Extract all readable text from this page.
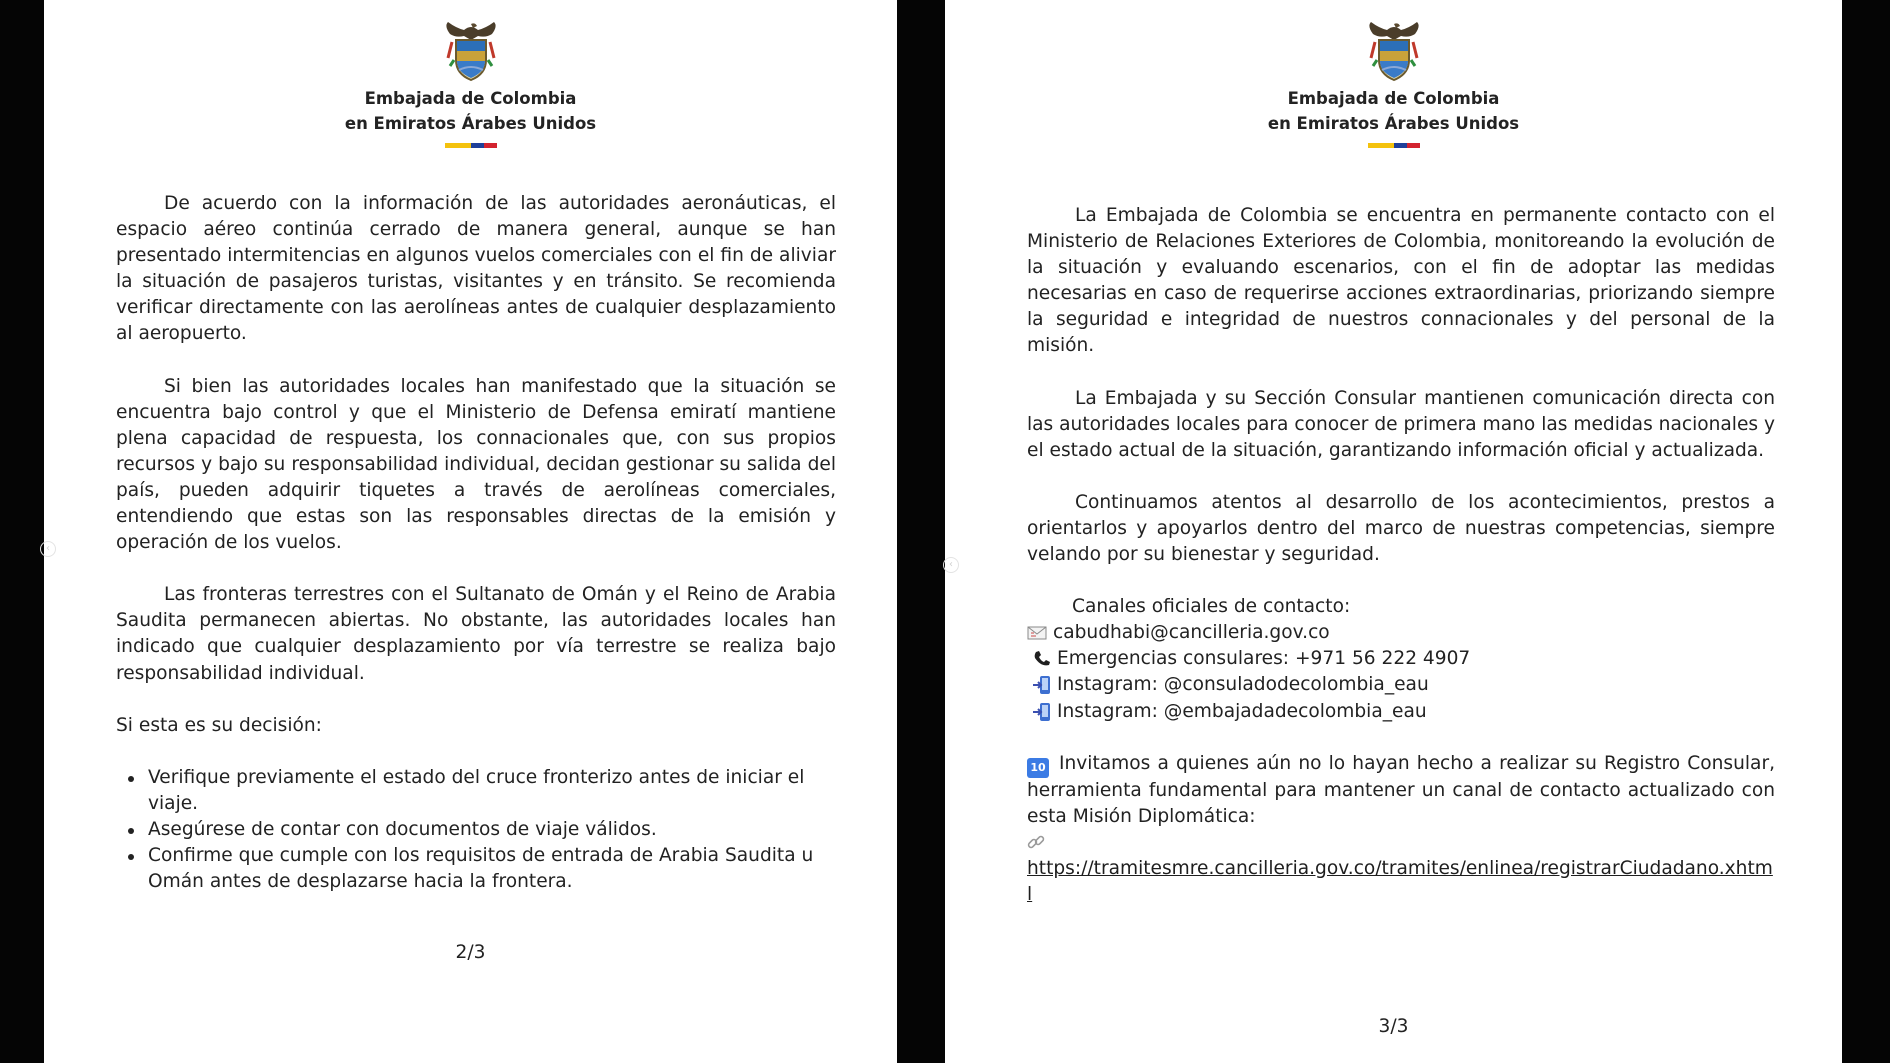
Embajada de Colombia
en Emiratos Árabes Unidos

De acuerdo con la información de las autoridades aeronáuticas, el espacio aéreo continúa cerrado de manera general, aunque se han presentado intermitencias en algunos vuelos comerciales con el fin de aliviar la situación de pasajeros turistas, visitantes y en tránsito. Se recomienda verificar directamente con las aerolíneas antes de cualquier desplazamiento al aeropuerto.

Si bien las autoridades locales han manifestado que la situación se encuentra bajo control y que el Ministerio de Defensa emiratí mantiene plena capacidad de respuesta, los connacionales que, con sus propios recursos y bajo su responsabilidad individual, decidan gestionar su salida del país, pueden adquirir tiquetes a través de aerolíneas comerciales, entendiendo que estas son las responsables directas de la emisión y operación de los vuelos.

Las fronteras terrestres con el Sultanato de Omán y el Reino de Arabia Saudita permanecen abiertas. No obstante, las autoridades locales han indicado que cualquier desplazamiento por vía terrestre se realiza bajo responsabilidad individual.

Si esta es su decisión:

Verifique previamente el estado del cruce fronterizo antes de iniciar el viaje.
Asegúrese de contar con documentos de viaje válidos.
Confirme que cumple con los requisitos de entrada de Arabia Saudita u Omán antes de desplazarse hacia la frontera.
2/3
‹
Embajada de Colombia
en Emiratos Árabes Unidos

La Embajada de Colombia se encuentra en permanente contacto con el Ministerio de Relaciones Exteriores de Colombia, monitoreando la evolución de la situación y evaluando escenarios, con el fin de adoptar las medidas necesarias en caso de requerirse acciones extraordinarias, priorizando siempre la seguridad e integridad de nuestros connacionales y del personal de la misión.

La Embajada y su Sección Consular mantienen comunicación directa con las autoridades locales para conocer de primera mano las medidas nacionales y el estado actual de la situación, garantizando información oficial y actualizada.

Continuamos atentos al desarrollo de los acontecimientos, prestos a orientarlos y apoyarlos dentro del marco de nuestras competencias, siempre velando por su bienestar y seguridad.

Canales oficiales de contacto:
cabudhabi@cancilleria.gov.co
Emergencias consulares: +971 56 222 4907
Instagram: @consuladodecolombia_eau
Instagram: @embajadadecolombia_eau
10 Invitamos a quienes aún no lo hayan hecho a realizar su Registro Consular, herramienta fundamental para mantener un canal de contacto actualizado con esta Misión Diplomática:
https://tramitesmre.cancilleria.gov.co/tramites/enlinea/registrarCiudadano.xhtml
3/3
‹
